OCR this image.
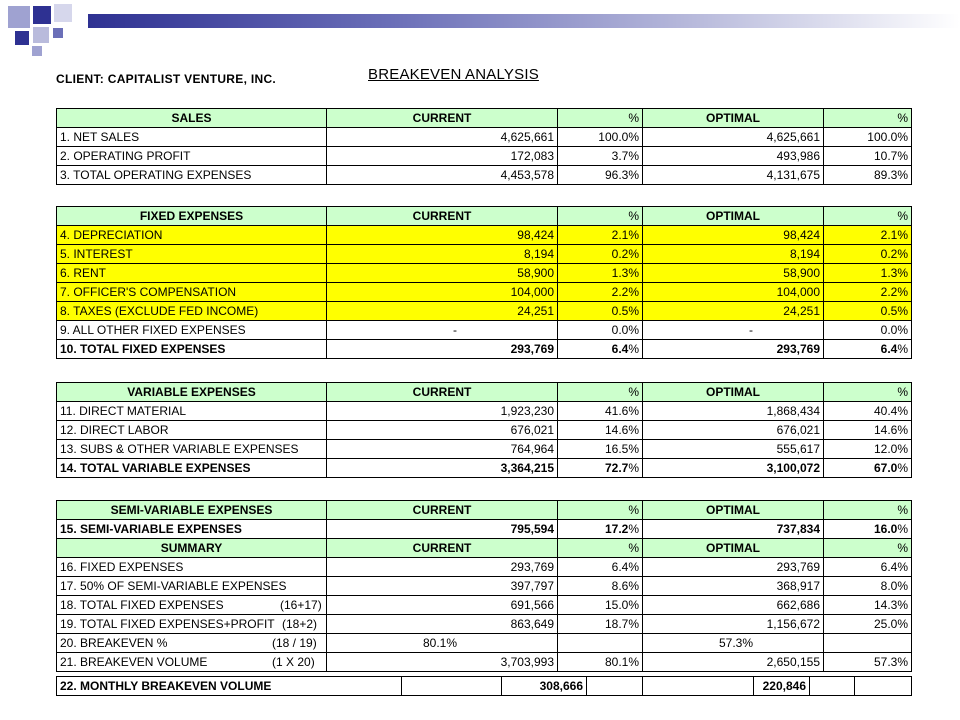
CLIENT: CAPITALIST VENTURE, INC.	BREAKEVEN ANALYSIS
SALES	CURRENT	%	OPTIMAL	%
1. NET SALES	4,625,661	100.0%	4,625,661	100.0%
2. OPERATING PROFIT	172,083	3.7%	493,986	10.7%
3. TOTAL OPERATING EXPENSES	4,453,578	96.3%	4,131,675	89.3%
FIXED EXPENSES	CURRENT	%	OPTIMAL	%
4. DEPRECIATION	98,424	2.1%	98,424	2.1%
5. INTEREST	8,194	0.2%	8,194	0.2%
6. RENT	58,900	1.3%	58,900	1.3%
7. OFFICER'S COMPENSATION	104,000	2.2%	104,000	2.2%
8. TAXES (EXCLUDE FED INCOME)	24,251	0.5%	24,251	0.5%
9. ALL OTHER FIXED EXPENSES	-	0.0%	-	0.0%
10. TOTAL FIXED EXPENSES	293,769	6.4%	293,769	6.4%
VARIABLE EXPENSES	CURRENT	%	OPTIMAL	%
11. DIRECT MATERIAL	1,923,230	41.6%	1,868,434	40.4%
12. DIRECT LABOR	676,021	14.6%	676,021	14.6%
13. SUBS & OTHER VARIABLE EXPENSES	764,964	16.5%	555,617	12.0%
14. TOTAL VARIABLE EXPENSES	3,364,215	72.7%	3,100,072	67.0%
SEMI-VARIABLE EXPENSES	CURRENT	%	OPTIMAL	%
15. SEMI-VARIABLE EXPENSES	795,594	17.2%	737,834	16.0%
SUMMARY	CURRENT	%	OPTIMAL	%
16. FIXED EXPENSES	293,769	6.4%	293,769	6.4%
17. 50% OF SEMI-VARIABLE EXPENSES	397,797	8.6%	368,917	8.0%
18. TOTAL FIXED EXPENSES (16+17)	691,566	15.0%	662,686	14.3%
19. TOTAL FIXED EXPENSES+PROFIT (18+2)	863,649	18.7%	1,156,672	25.0%
20. BREAKEVEN % (18 / 19)	80.1%		57.3%	
21. BREAKEVEN VOLUME (1 X 20)	3,703,993	80.1%	2,650,155	57.3%
22. MONTHLY BREAKEVEN VOLUME		308,666			220,846		
